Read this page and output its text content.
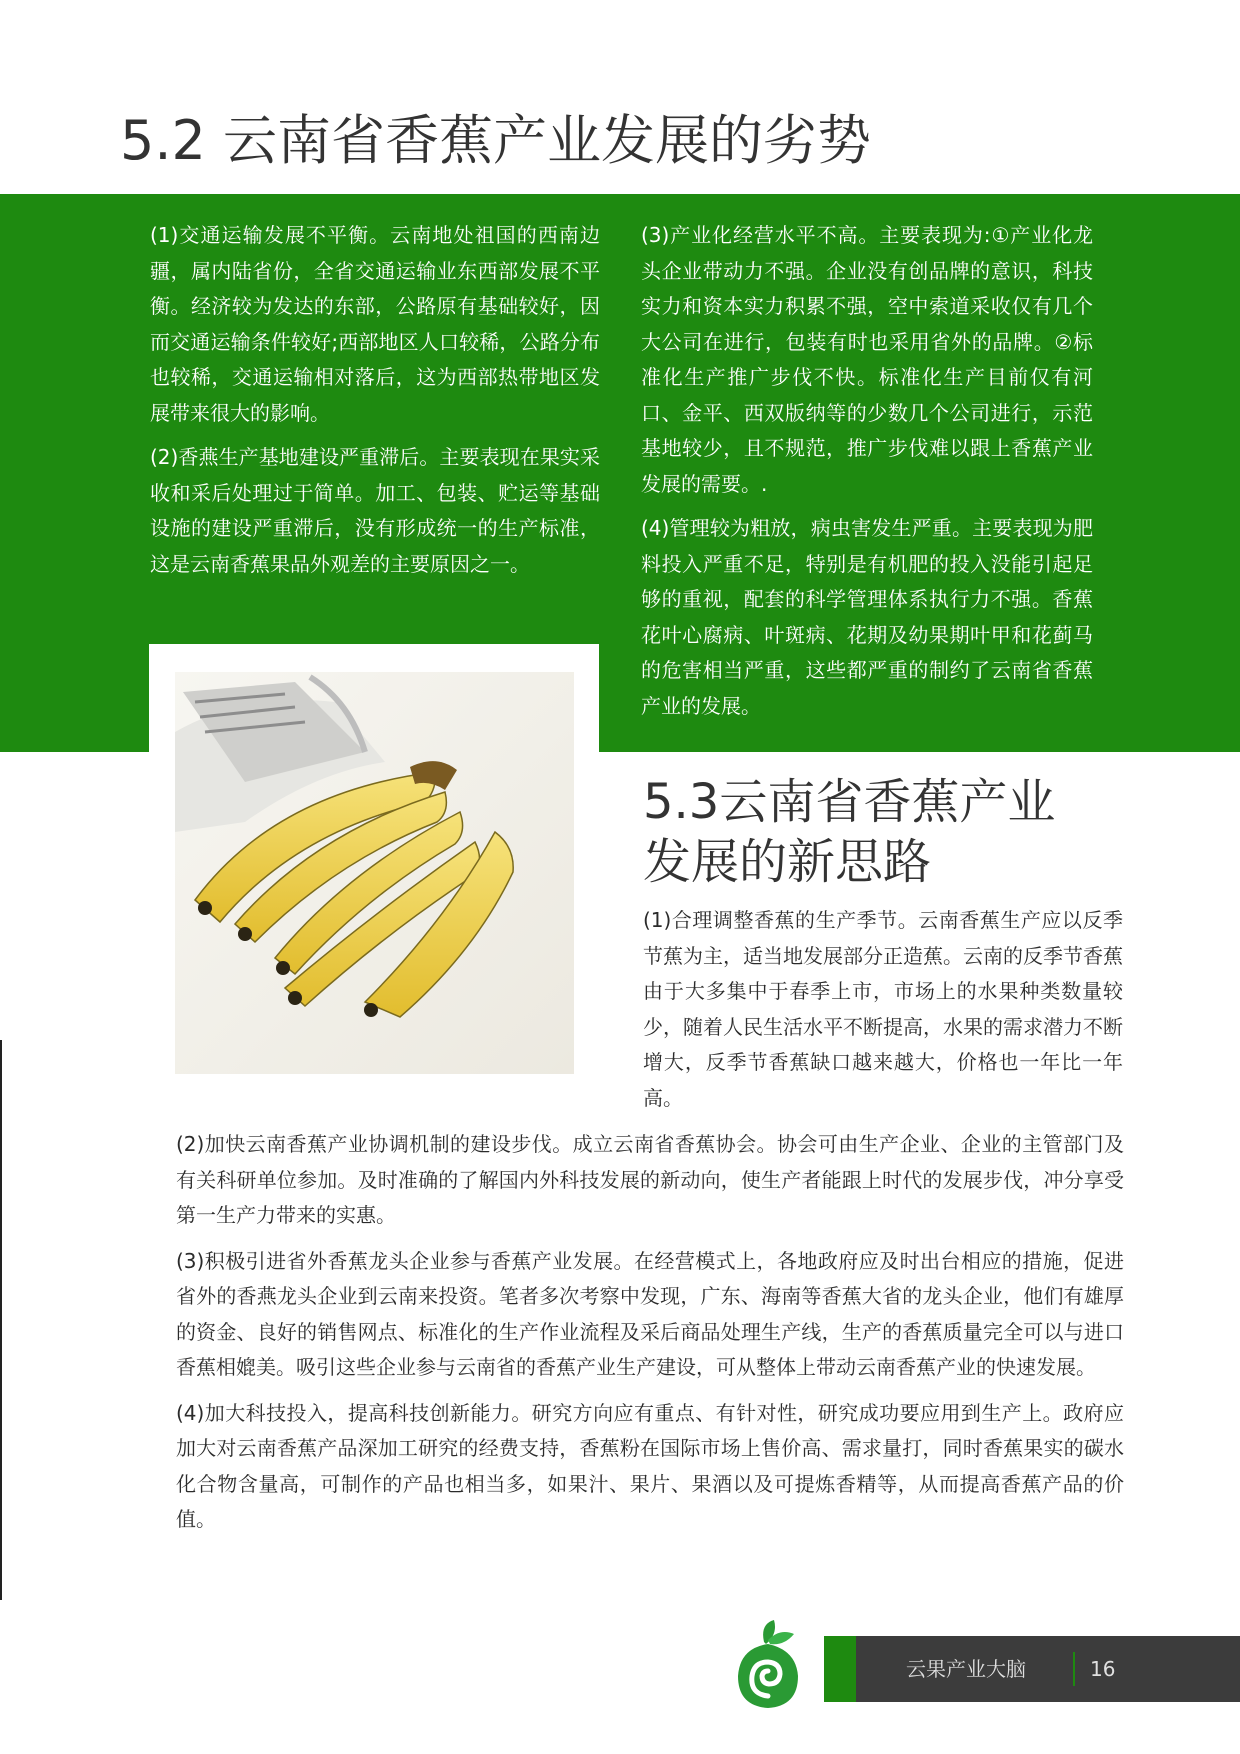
5.2 云南省香蕉产业发展的劣势

(1)交通运输发展不平衡。云南地处祖国的西南边疆，属内陆省份，全省交通运输业东西部发展不平衡。经济较为发达的东部，公路原有基础较好，因而交通运输条件较好;西部地区人口较稀，公路分布也较稀，交通运输相对落后，这为西部热带地区发展带来很大的影响。

(2)香燕生产基地建设严重滞后。主要表现在果实采收和采后处理过于简单。加工、包装、贮运等基础设施的建设严重滞后，没有形成统一的生产标准，这是云南香蕉果品外观差的主要原因之一。

(3)产业化经营水平不高。主要表现为:①产业化龙头企业带动力不强。企业没有创品牌的意识，科技实力和资本实力积累不强，空中索道采收仅有几个大公司在进行，包装有时也采用省外的品牌。②标准化生产推广步伐不快。标准化生产目前仅有河口、金平、西双版纳等的少数几个公司进行，示范基地较少，且不规范，推广步伐难以跟上香蕉产业发展的需要。.

(4)管理较为粗放，病虫害发生严重。主要表现为肥料投入严重不足，特别是有机肥的投入没能引起足够的重视，配套的科学管理体系执行力不强。香蕉花叶心腐病、叶斑病、花期及幼果期叶甲和花蓟马的危害相当严重，这些都严重的制约了云南省香蕉产业的发展。

5.3云南省香蕉产业
发展的新思路

(1)合理调整香蕉的生产季节。云南香蕉生产应以反季节蕉为主，适当地发展部分正造蕉。云南的反季节香蕉由于大多集中于春季上市，市场上的水果种类数量较少，随着人民生活水平不断提高，水果的需求潜力不断增大，反季节香蕉缺口越来越大，价格也一年比一年高。

(2)加快云南香蕉产业协调机制的建设步伐。成立云南省香蕉协会。协会可由生产企业、企业的主管部门及有关科研单位参加。及时准确的了解国内外科技发展的新动向，使生产者能跟上时代的发展步伐，冲分享受第一生产力带来的实惠。

(3)积极引进省外香蕉龙头企业参与香蕉产业发展。在经营模式上，各地政府应及时出台相应的措施，促进省外的香燕龙头企业到云南来投资。笔者多次考察中发现，广东、海南等香蕉大省的龙头企业，他们有雄厚的资金、良好的销售网点、标准化的生产作业流程及采后商品处理生产线，生产的香蕉质量完全可以与进口香蕉相媲美。吸引这些企业参与云南省的香蕉产业生产建设，可从整体上带动云南香蕉产业的快速发展。

(4)加大科技投入，提高科技创新能力。研究方向应有重点、有针对性，研究成功要应用到生产上。政府应加大对云南香蕉产品深加工研究的经费支持，香蕉粉在国际市场上售价高、需求量打，同时香蕉果实的碳水化合物含量高，可制作的产品也相当多，如果汁、果片、果酒以及可提炼香精等，从而提高香蕉产品的价值。

云果产业大脑	16
